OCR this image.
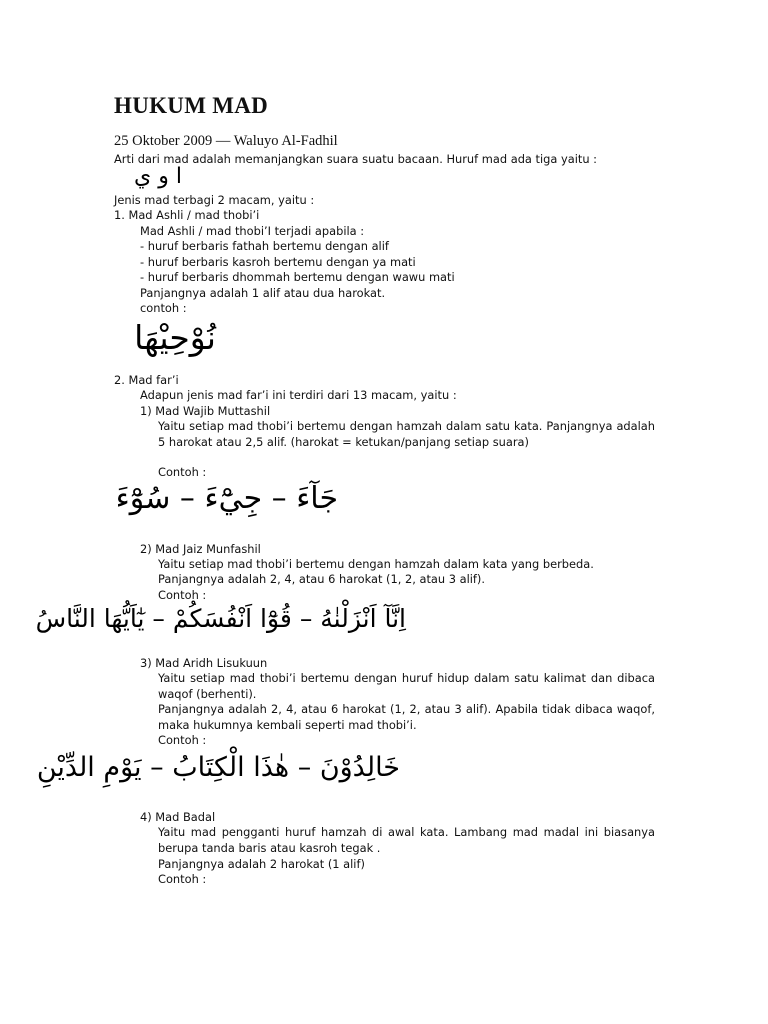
HUKUM MAD
25 Oktober 2009 — Waluyo Al-Fadhil
Arti dari mad adalah memanjangkan suara suatu bacaan. Huruf mad ada tiga yaitu :
ا و ي
Jenis mad terbagi 2 macam, yaitu :
1. Mad Ashli / mad thobi’i
Mad Ashli / mad thobi’I terjadi apabila :
- huruf berbaris fathah bertemu dengan alif
- huruf berbaris kasroh bertemu dengan ya mati
- huruf berbaris dhommah bertemu dengan wawu mati
Panjangnya adalah 1 alif atau dua harokat.
contoh :
نُوْحِيْهَا
2. Mad far’i
Adapun jenis mad far’i ini terdiri dari 13 macam, yaitu :
1) Mad Wajib Muttashil
Yaitu setiap mad thobi’i bertemu dengan hamzah dalam satu kata. Panjangnya adalah 5 harokat atau 2,5 alif. (harokat = ketukan/panjang setiap suara)
Contoh :
جَآءَ – جِيْٓءَ – سُوْٓءَ
2) Mad Jaiz Munfashil
Yaitu setiap mad thobi’i bertemu dengan hamzah dalam kata yang berbeda.
Panjangnya adalah 2, 4, atau 6 harokat (1, 2, atau 3 alif).
Contoh :
اِنَّآ اَنْزَلْنٰهُ – قُوْٓا اَنْفُسَكُمْ – يٰٓاَيُّهَا النَّاسُ
3) Mad Aridh Lisukuun
Yaitu setiap mad thobi’i bertemu dengan huruf hidup dalam satu kalimat dan dibaca waqof (berhenti).
Panjangnya adalah 2, 4, atau 6 harokat (1, 2, atau 3 alif). Apabila tidak dibaca waqof, maka hukumnya kembali seperti mad thobi’i.
Contoh :
خَالِدُوْنَ – هٰذَا الْكِتَابُ – يَوْمِ الدِّيْنِ
4) Mad Badal
Yaitu mad pengganti huruf hamzah di awal kata. Lambang mad madal ini biasanya berupa tanda baris atau kasroh tegak .
Panjangnya adalah 2 harokat (1 alif)
Contoh :
